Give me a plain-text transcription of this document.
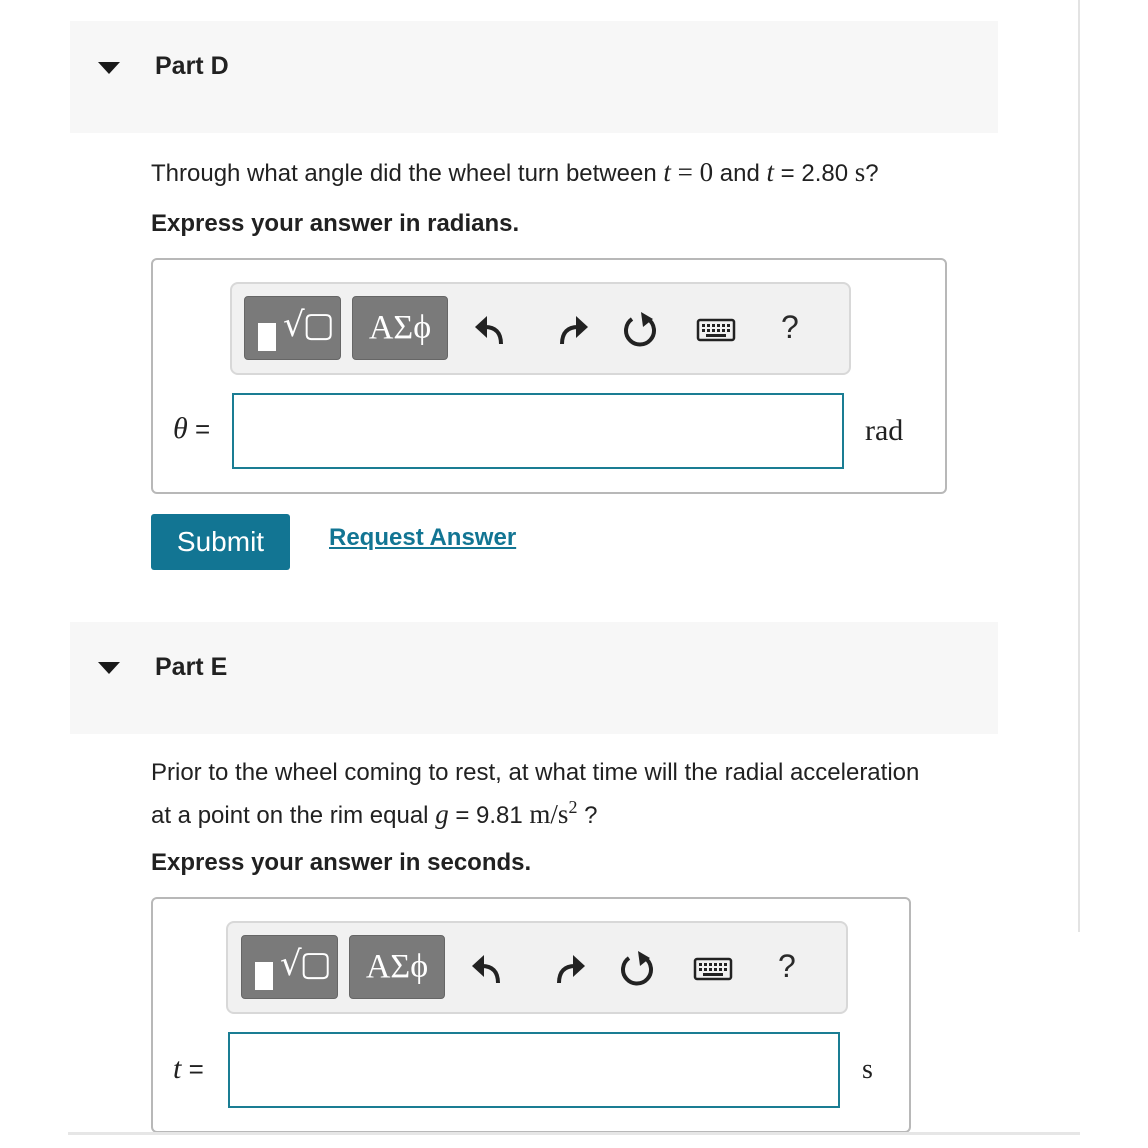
Part D
Through what angle did the wheel turn between t = 0 and t = 2.80 s?
Express your answer in radians.
√▢	ΑΣϕ	?
θ =	rad
Submit	Request Answer
Part E
Prior to the wheel coming to rest, at what time will the radial acceleration
at a point on the rim equal g = 9.81 $m/s^2$ ?
Express your answer in seconds.
√▢	ΑΣϕ	?
t =	s
